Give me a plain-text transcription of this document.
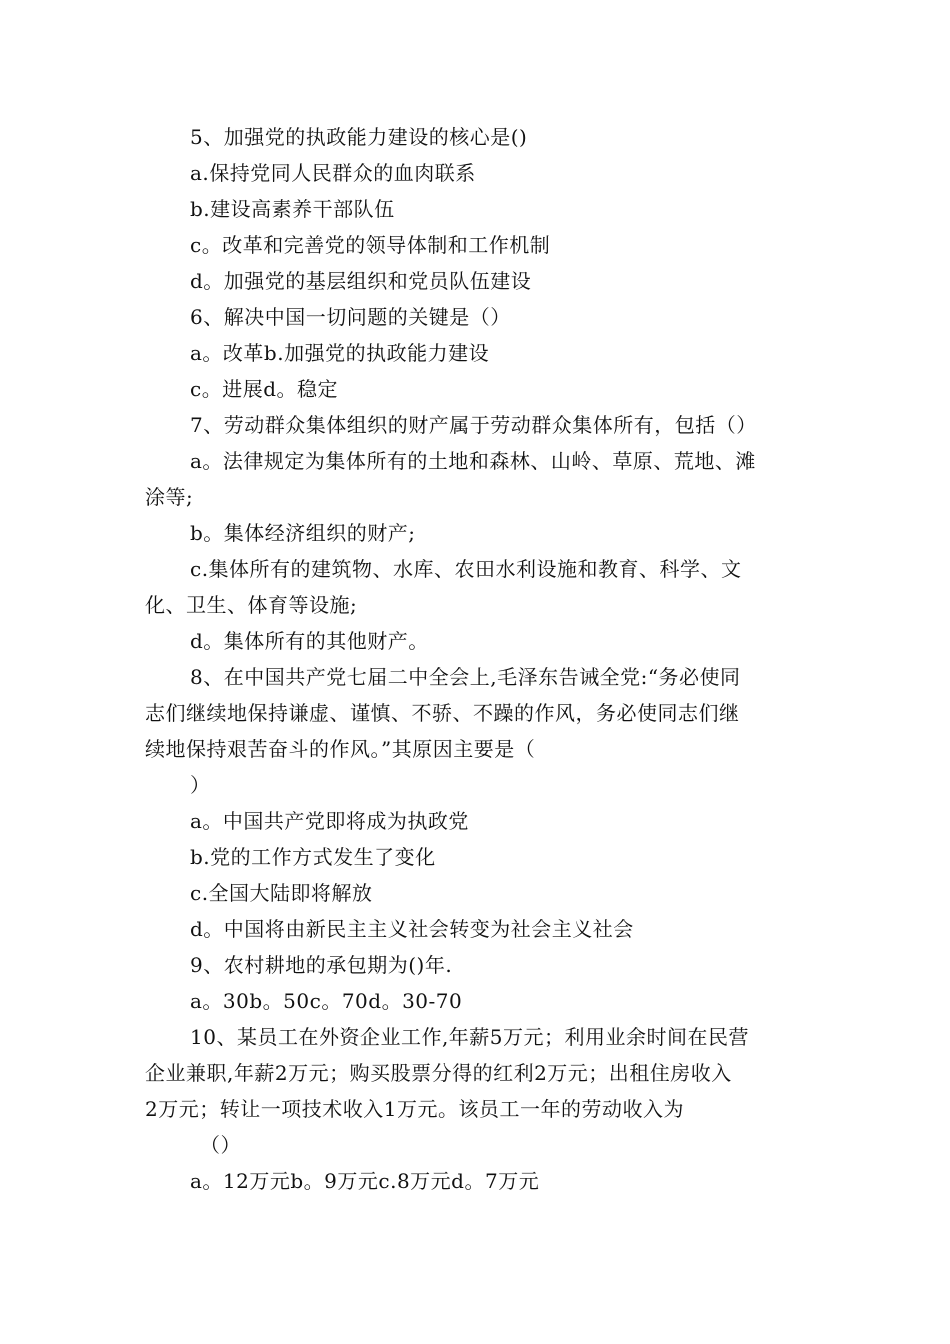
5、加强党的执政能力建设的核心是()
a.保持党同人民群众的血肉联系
b.建设高素养干部队伍
c。改革和完善党的领导体制和工作机制
d。加强党的基层组织和党员队伍建设
6、解决中国一切问题的关键是（）
a。改革b.加强党的执政能力建设
c。进展d。稳定
7、劳动群众集体组织的财产属于劳动群众集体所有，包括（）
a。法律规定为集体所有的土地和森林、山岭、草原、荒地、滩
涂等;
b。集体经济组织的财产;
c.集体所有的建筑物、水库、农田水利设施和教育、科学、文
化、卫生、体育等设施;
d。集体所有的其他财产。
8、在中国共产党七届二中全会上,毛泽东告诫全党:“务必使同
志们继续地保持谦虚、谨慎、不骄、不躁的作风，务必使同志们继
续地保持艰苦奋斗的作风。”其原因主要是（
）
a。中国共产党即将成为执政党
b.党的工作方式发生了变化
c.全国大陆即将解放
d。中国将由新民主主义社会转变为社会主义社会
9、农村耕地的承包期为()年.
a。30b。50c。70d。30-70
10、某员工在外资企业工作,年薪5万元；利用业余时间在民营
企业兼职,年薪2万元；购买股票分得的红利2万元；出租住房收入
2万元；转让一项技术收入1万元。该员工一年的劳动收入为
（）
a。12万元b。9万元c.8万元d。7万元
